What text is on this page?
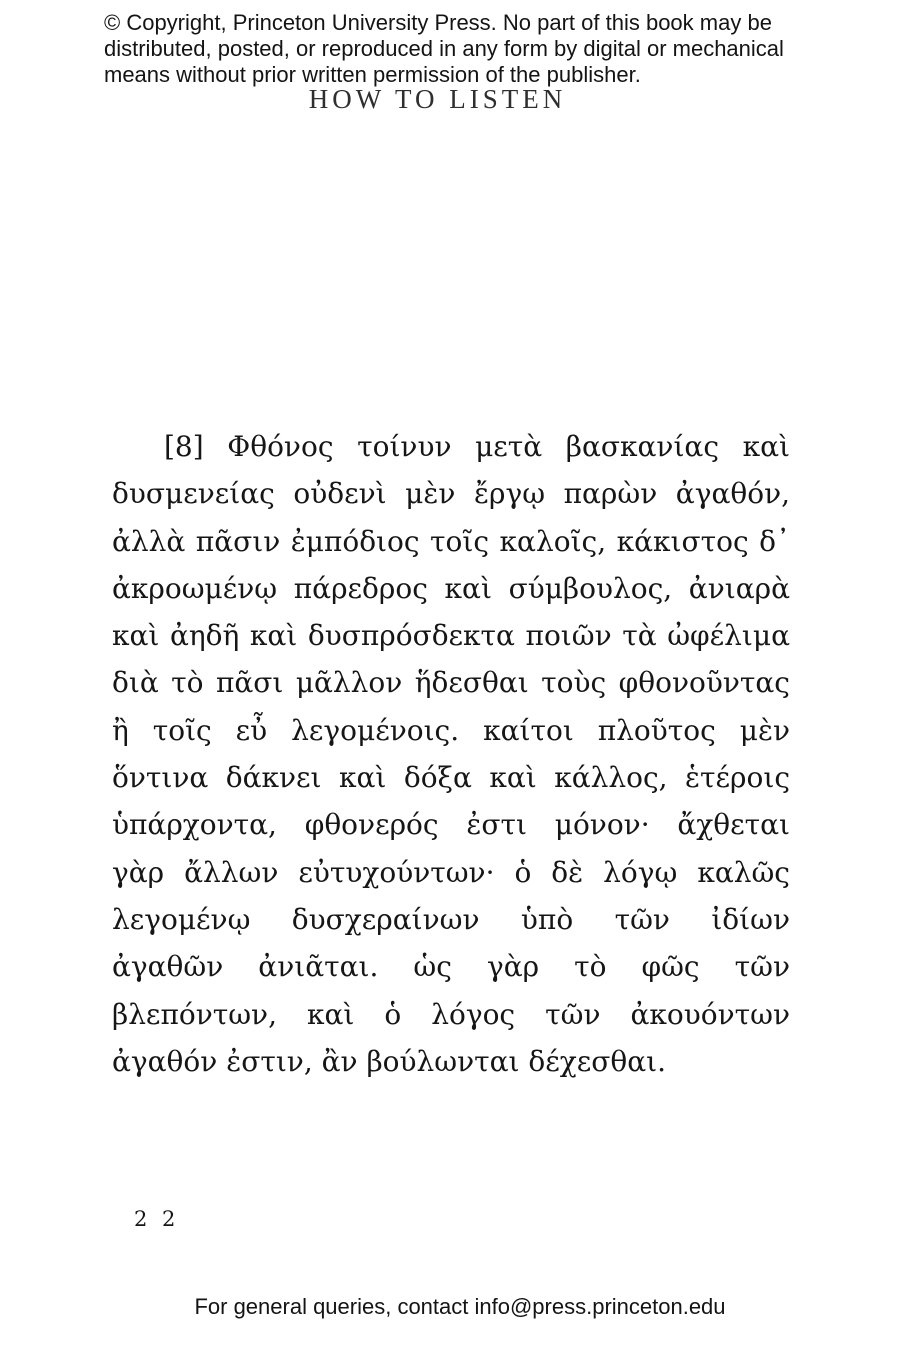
© Copyright, Princeton University Press. No part of this book may be
distributed, posted, or reproduced in any form by digital or mechanical
means without prior written permission of the publisher.
HOW TO LISTEN
[8] Φθόνος τοίνυν μετὰ βασκανίας καὶ
δυσμενείας οὐδενὶ μὲν ἔργῳ παρὼν ἀγαθόν,
ἀλλὰ πᾶσιν ἐμπόδιος τοῖς καλοῖς, κάκιστος δ᾽
ἀκροωμένῳ πάρεδρος καὶ σύμβουλος, ἀνιαρὰ
καὶ ἀηδῆ καὶ δυσπρόσδεκτα ποιῶν τὰ ὠφέλιμα
διὰ τὸ πᾶσι μᾶλλον ἥδεσθαι τοὺς φθονοῦντας
ἢ τοῖς εὖ λεγομένοις. καίτοι πλοῦτος μὲν
ὅντινα δάκνει καὶ δόξα καὶ κάλλος, ἑτέροις
ὑπάρχοντα, φθονερός ἐστι μόνον· ἄχθεται
γὰρ ἄλλων εὐτυχούντων· ὁ δὲ λόγῳ καλῶς
λεγομένῳ δυσχεραίνων ὑπὸ τῶν ἰδίων
ἀγαθῶν ἀνιᾶται. ὡς γὰρ τὸ φῶς τῶν
βλεπόντων, καὶ ὁ λόγος τῶν ἀκουόντων
ἀγαθόν ἐστιν, ἂν βούλωνται δέχεσθαι.
2 2
For general queries, contact info@press.princeton.edu
